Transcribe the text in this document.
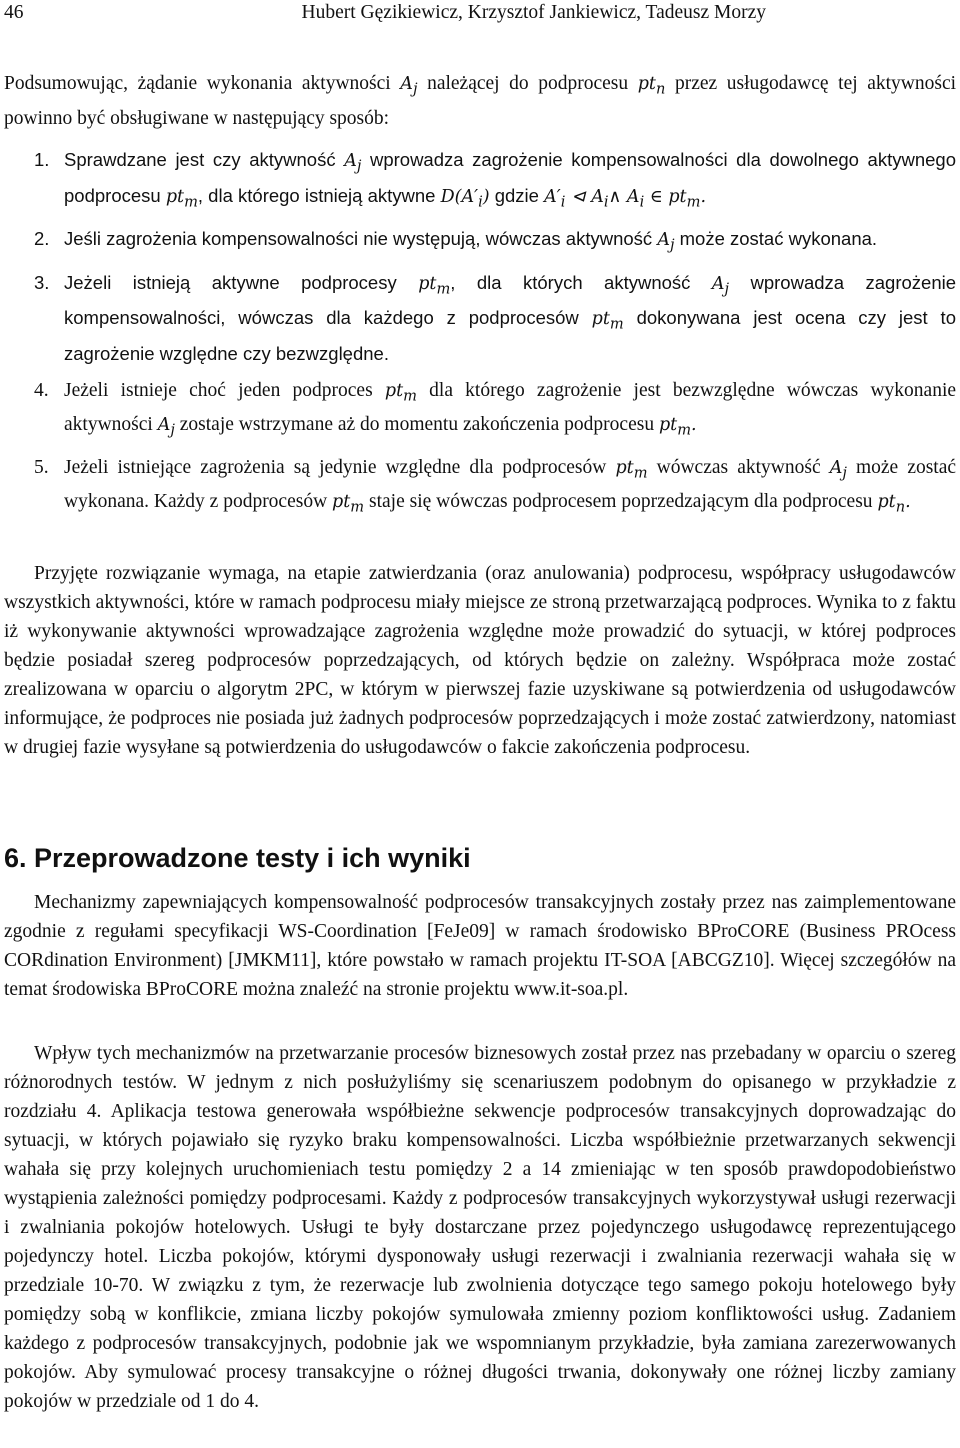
46	Hubert Gęzikiewicz, Krzysztof Jankiewicz, Tadeusz Morzy
Podsumowując, żądanie wykonania aktywności $A_j$ należącej do podprocesu $pt_n$ przez usługodawcę tej aktywności powinno być obsługiwane w następujący sposób:
1. Sprawdzane jest czy aktywność $A_j$ wprowadza zagrożenie kompensowalności dla dowolnego aktywnego podprocesu $pt_m$, dla którego istnieją aktywne $D(A'_i)$ gdzie $A'_i$ ⊲ $A_i\wedge$ $A_i$ ∈ $pt_m$.
2. Jeśli zagrożenia kompensowalności nie występują, wówczas aktywność $A_j$ może zostać wykonana.
3. Jeżeli istnieją aktywne podprocesy $pt_m$, dla których aktywność $A_j$ wprowadza zagrożenie kompensowalności, wówczas dla każdego z podprocesów $pt_m$ dokonywana jest ocena czy jest to zagrożenie względne czy bezwzględne.
4. Jeżeli istnieje choć jeden podproces $pt_m$ dla którego zagrożenie jest bezwzględne wówczas wykonanie aktywności $A_j$ zostaje wstrzymane aż do momentu zakończenia podprocesu $pt_m$.
5. Jeżeli istniejące zagrożenia są jedynie względne dla podprocesów $pt_m$ wówczas aktywność $A_j$ może zostać wykonana. Każdy z podprocesów $pt_m$ staje się wówczas podprocesem poprzedzającym dla podprocesu $pt_n$.
Przyjęte rozwiązanie wymaga, na etapie zatwierdzania (oraz anulowania) podprocesu, współpracy usługodawców wszystkich aktywności, które w ramach podprocesu miały miejsce ze stroną przetwarzającą podproces. Wynika to z faktu iż wykonywanie aktywności wprowadzające zagrożenia względne może prowadzić do sytuacji, w której podproces będzie posiadał szereg podprocesów poprzedzających, od których będzie on zależny. Współpraca może zostać zrealizowana w oparciu o algorytm 2PC, w którym w pierwszej fazie uzyskiwane są potwierdzenia od usługodawców informujące, że podproces nie posiada już żadnych podprocesów poprzedzających i może zostać zatwierdzony, natomiast w drugiej fazie wysyłane są potwierdzenia do usługodawców o fakcie zakończenia podprocesu.
6. Przeprowadzone testy i ich wyniki
Mechanizmy zapewniających kompensowalność podprocesów transakcyjnych zostały przez nas zaimplementowane zgodnie z regułami specyfikacji WS-Coordination [FeJe09] w ramach środowisko BProCORE (Business PROcess CORdination Environment) [JMKM11], które powstało w ramach projektu IT-SOA [ABCGZ10]. Więcej szczegółów na temat środowiska BProCORE można znaleźć na stronie projektu www.it-soa.pl.
Wpływ tych mechanizmów na przetwarzanie procesów biznesowych został przez nas przebadany w oparciu o szereg różnorodnych testów. W jednym z nich posłużyliśmy się scenariuszem podobnym do opisanego w przykładzie z rozdziału 4. Aplikacja testowa generowała współbieżne sekwencje podprocesów transakcyjnych doprowadzając do sytuacji, w których pojawiało się ryzyko braku kompensowalności. Liczba współbieżnie przetwarzanych sekwencji wahała się przy kolejnych uruchomieniach testu pomiędzy 2 a 14 zmieniając w ten sposób prawdopodobieństwo wystąpienia zależności pomiędzy podprocesami. Każdy z podprocesów transakcyjnych wykorzystywał usługi rezerwacji i zwalniania pokojów hotelowych. Usługi te były dostarczane przez pojedynczego usługodawcę reprezentującego pojedynczy hotel. Liczba pokojów, którymi dysponowały usługi rezerwacji i zwalniania rezerwacji wahała się w przedziale 10-70. W związku z tym, że rezerwacje lub zwolnienia dotyczące tego samego pokoju hotelowego były pomiędzy sobą w konflikcie, zmiana liczby pokojów symulowała zmienny poziom konfliktowości usług. Zadaniem każdego z podprocesów transakcyjnych, podobnie jak we wspomnianym przykładzie, była zamiana zarezerwowanych pokojów. Aby symulować procesy transakcyjne o różnej długości trwania, dokonywały one różnej liczby zamiany pokojów w przedziale od 1 do 4.
